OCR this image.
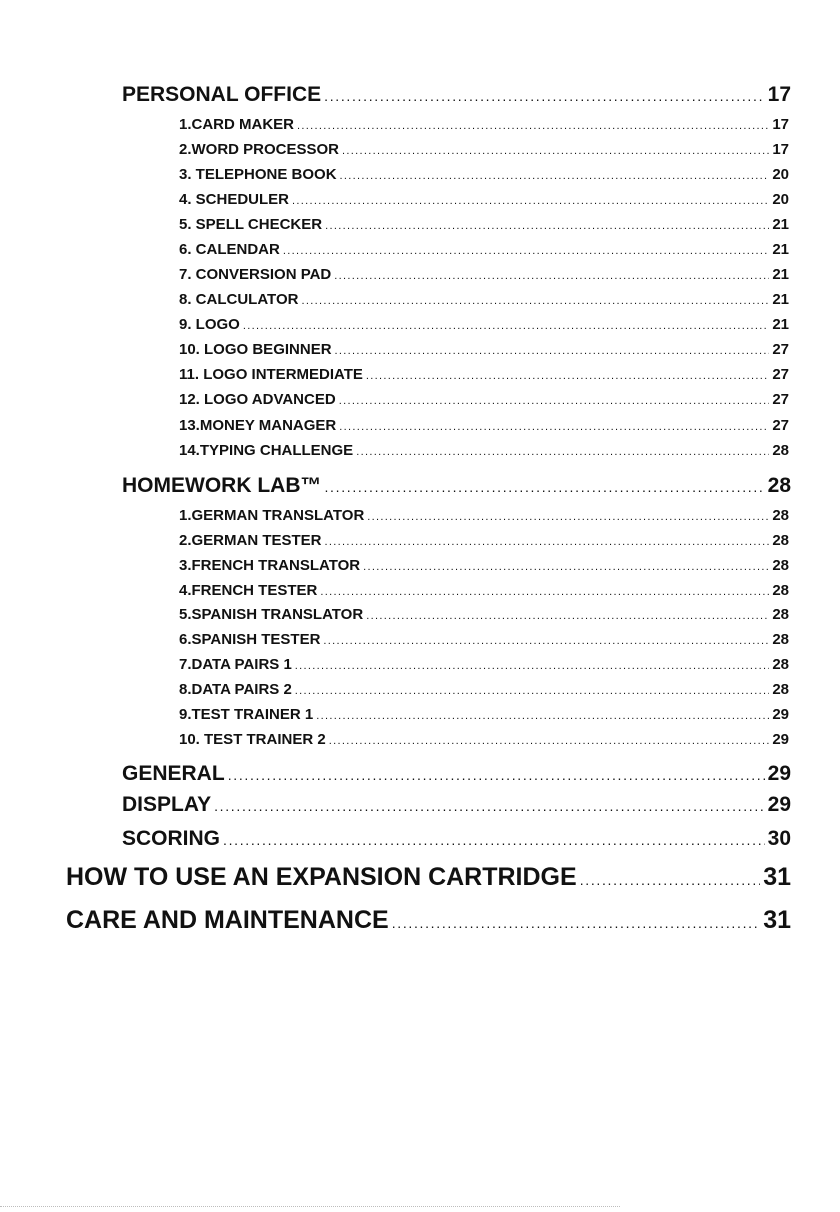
PERSONAL OFFICE .....	17
1.CARD MAKER .....	17
2.WORD PROCESSOR .....	17
3. TELEPHONE BOOK .....	20
4. SCHEDULER .....	20
5. SPELL CHECKER .....	21
6. CALENDAR .....	21
7. CONVERSION PAD .....	21
8. CALCULATOR .....	21
9. LOGO .....	21
10. LOGO BEGINNER .....	27
11. LOGO INTERMEDIATE .....	27
12. LOGO ADVANCED .....	27
13.MONEY MANAGER .....	27
14.TYPING CHALLENGE .....	28
HOMEWORK LAB™ .....	28
1.GERMAN TRANSLATOR .....	28
2.GERMAN TESTER .....	28
3.FRENCH TRANSLATOR .....	28
4.FRENCH TESTER .....	28
5.SPANISH TRANSLATOR .....	28
6.SPANISH TESTER .....	28
7.DATA PAIRS 1 .....	28
8.DATA PAIRS 2 .....	28
9.TEST TRAINER 1 .....	29
10. TEST TRAINER 2 .....	29
GENERAL .....	29
DISPLAY .....	29
SCORING .....	30
HOW TO USE AN EXPANSION CARTRIDGE .....	31
CARE AND MAINTENANCE .....	31
